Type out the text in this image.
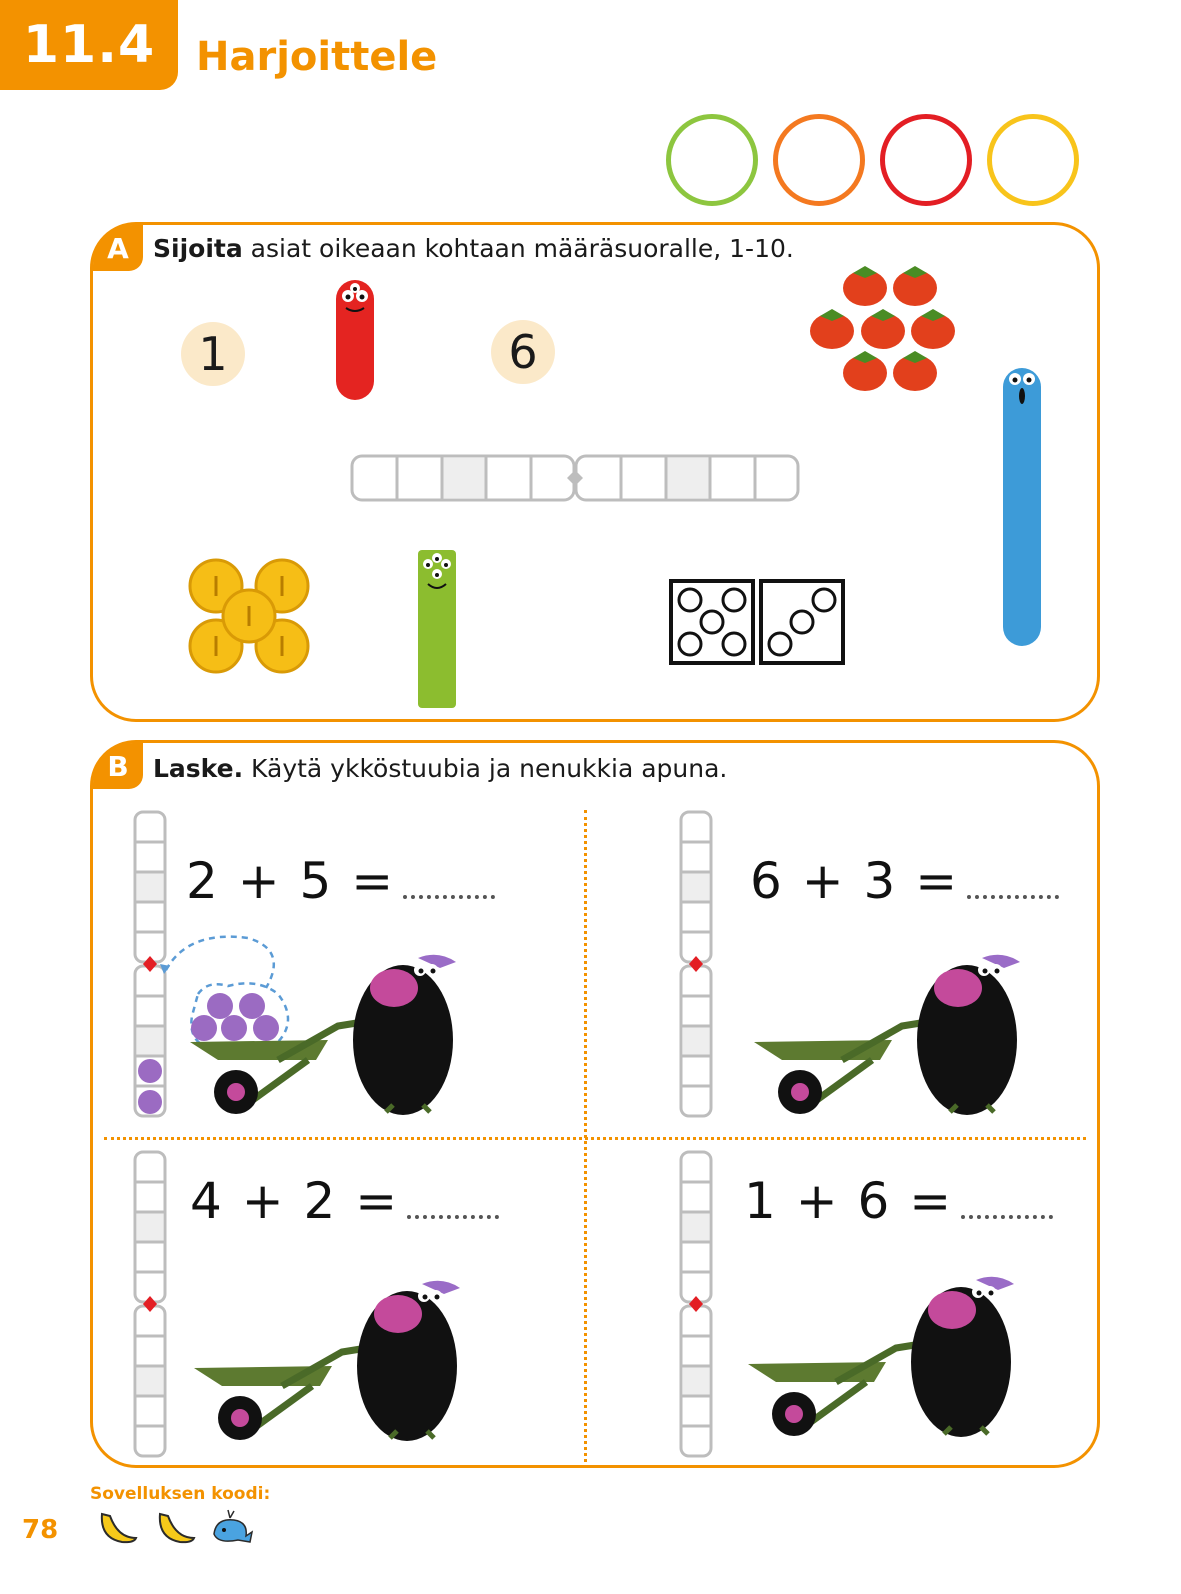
11.4	Harjoittele
A Sijoita asiat oikeaan kohtaan määräsuoralle, 1-10.
1	6
B Laske. Käytä ykköstuubia ja nenukkia apuna.
2 + 5 =	6 + 3 =
4 + 2 =	1 + 6 =
Sovelluksen koodi:
78
